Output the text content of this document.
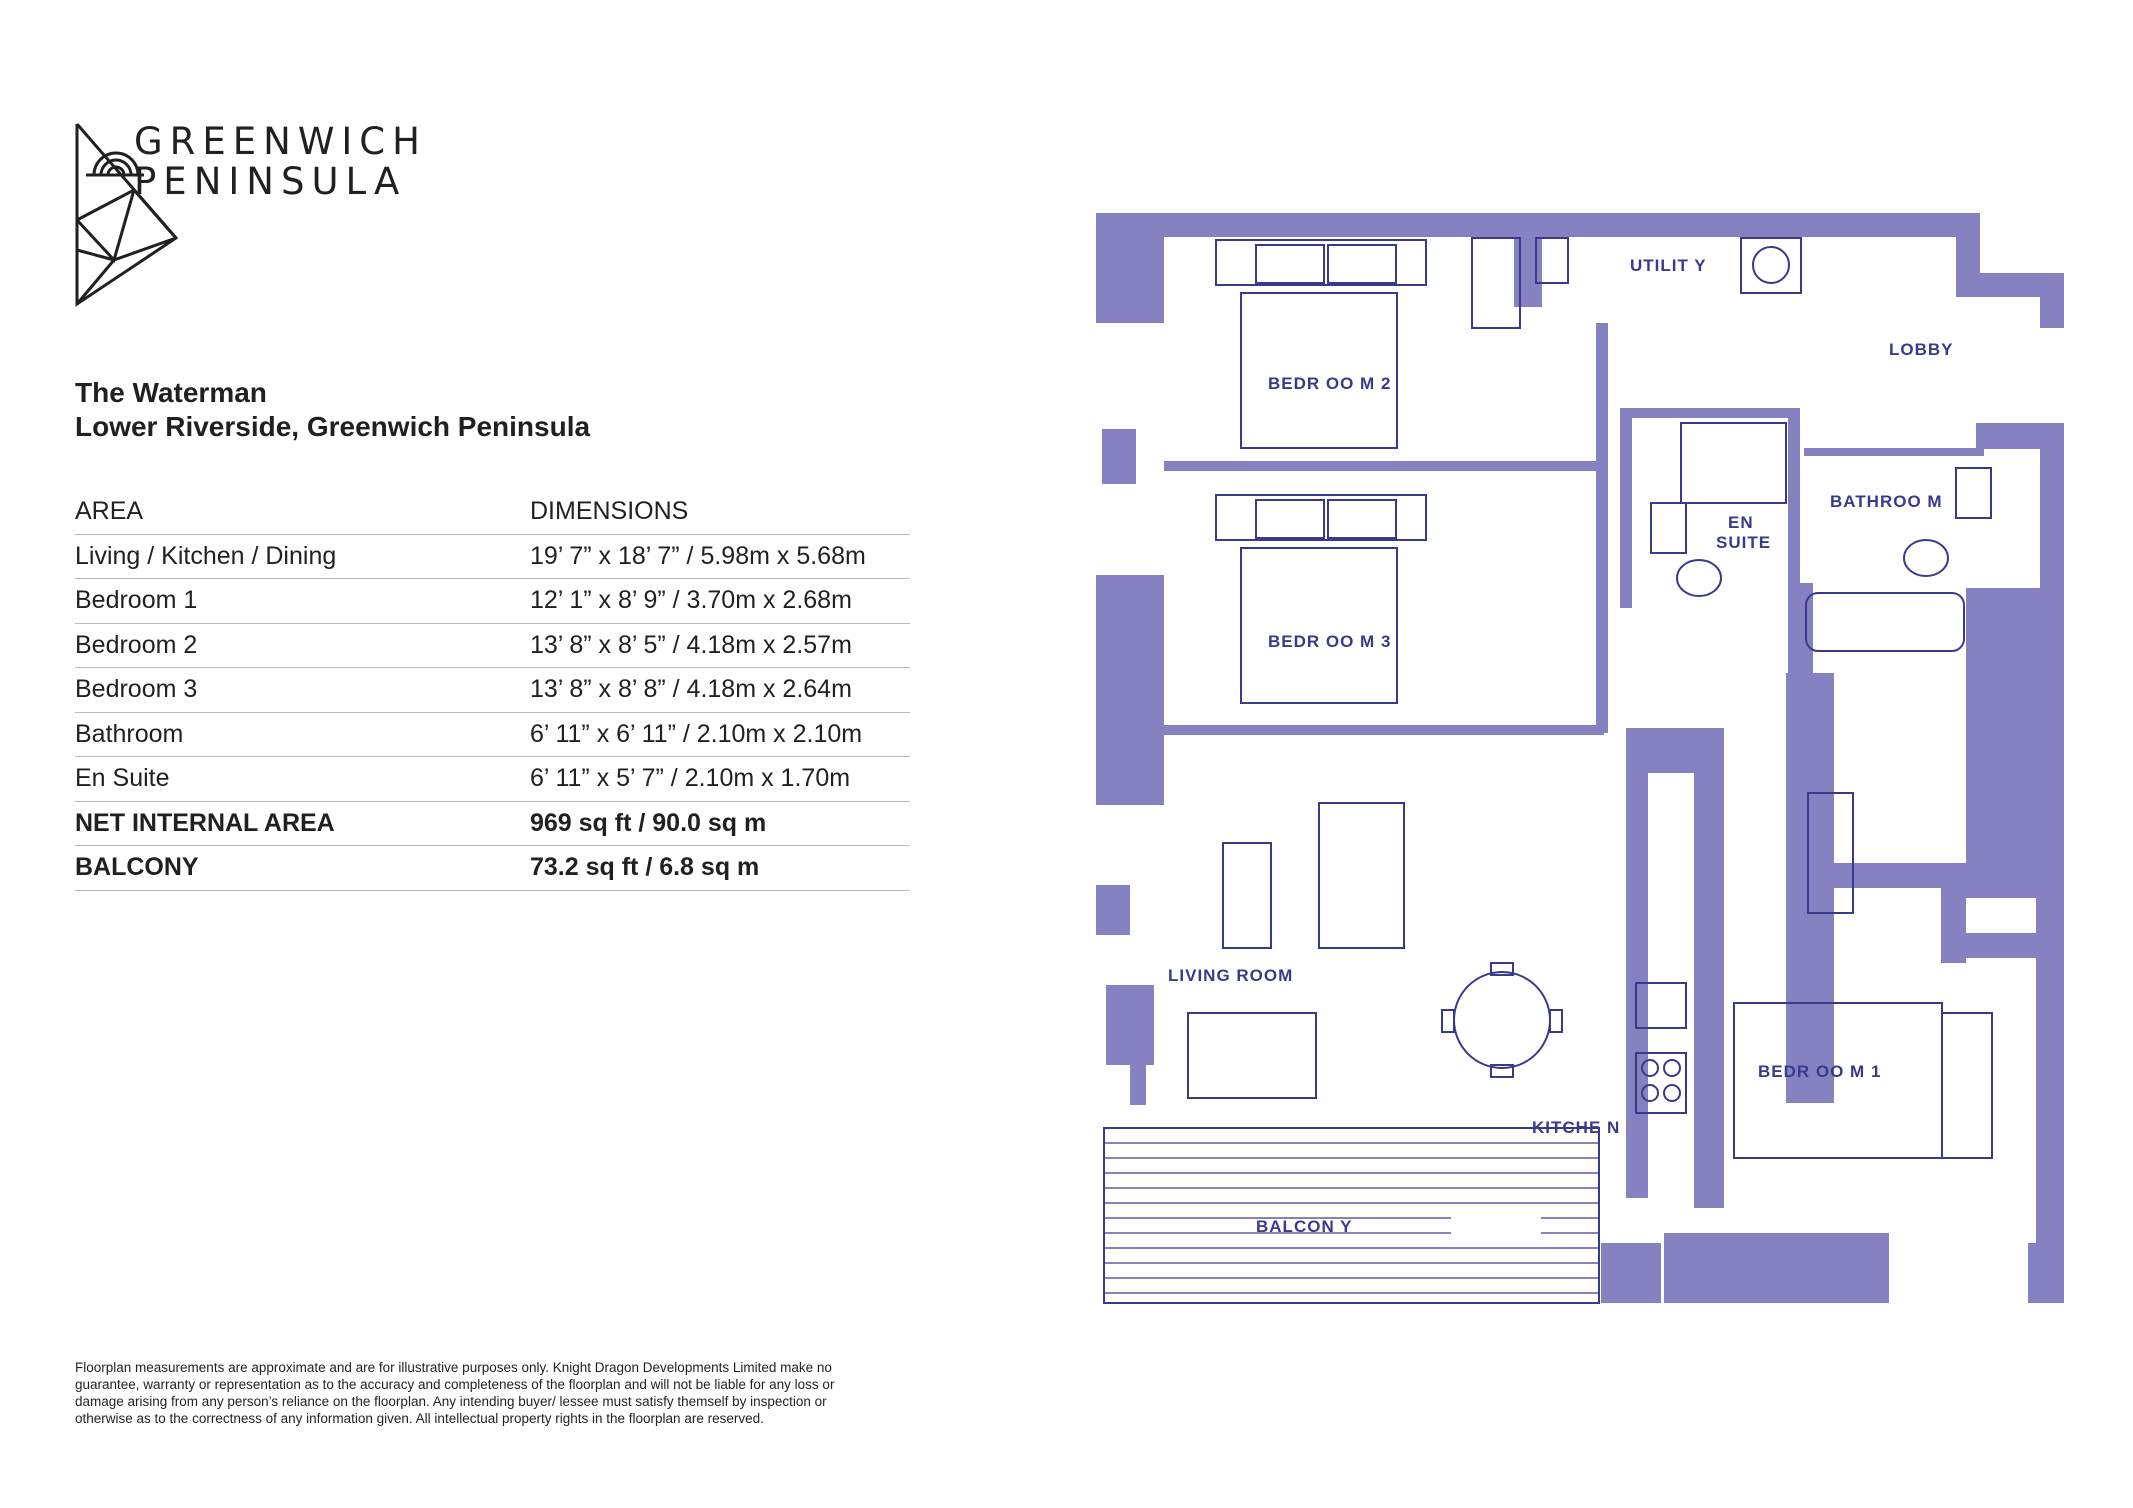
GREENWICH
PENINSULA
The Waterman
Lower Riverside, Greenwich Peninsula
AREA	DIMENSIONS
Living / Kitchen / Dining	19’ 7” x 18’ 7” / 5.98m x 5.68m
Bedroom 1	12’ 1” x 8’ 9” / 3.70m x 2.68m
Bedroom 2	13’ 8” x 8’ 5” / 4.18m x 2.57m
Bedroom 3	13’ 8” x 8’ 8” / 4.18m x 2.64m
Bathroom	6’ 11” x 6’ 11” / 2.10m x 2.10m
En Suite	6’ 11” x 5’ 7” / 2.10m x 1.70m
NET INTERNAL AREA	969 sq ft / 90.0 sq m
BALCONY	73.2 sq ft / 6.8 sq m
BEDR OO M 2
BEDR OO M 3
UTILIT Y
LOBBY
EN
SUITE
BATHROO M
LIVING ROOM
KITCHE N
BEDR OO M 1
BALCON Y
Floorplan measurements are approximate and are for illustrative purposes only. Knight Dragon Developments Limited make no guarantee, warranty or representation as to the accuracy and completeness of the floorplan and will not be liable for any loss or damage arising from any person’s reliance on the floorplan. Any intending buyer/ lessee must satisfy themself by inspection or otherwise as to the correctness of any information given. All intellectual property rights in the floorplan are reserved.
